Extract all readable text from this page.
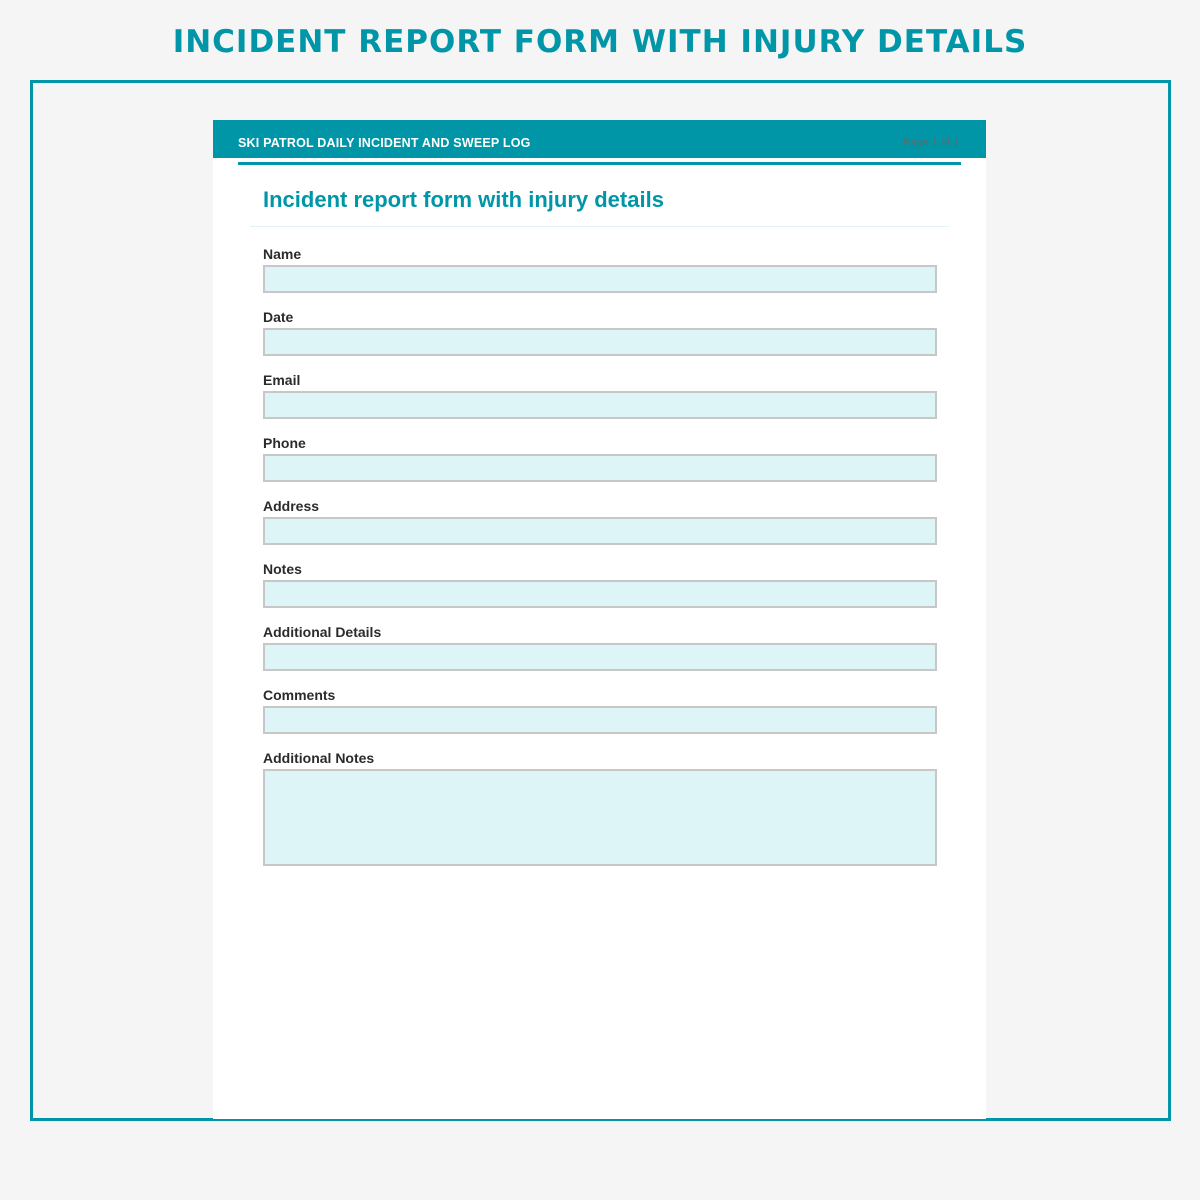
INCIDENT REPORT FORM WITH INJURY DETAILS
SKI PATROL DAILY INCIDENT AND SWEEP LOG	Page 1 of 1
Incident report form with injury details
Name
Date
Email
Phone
Address
Notes
Additional Details
Comments
Additional Notes
